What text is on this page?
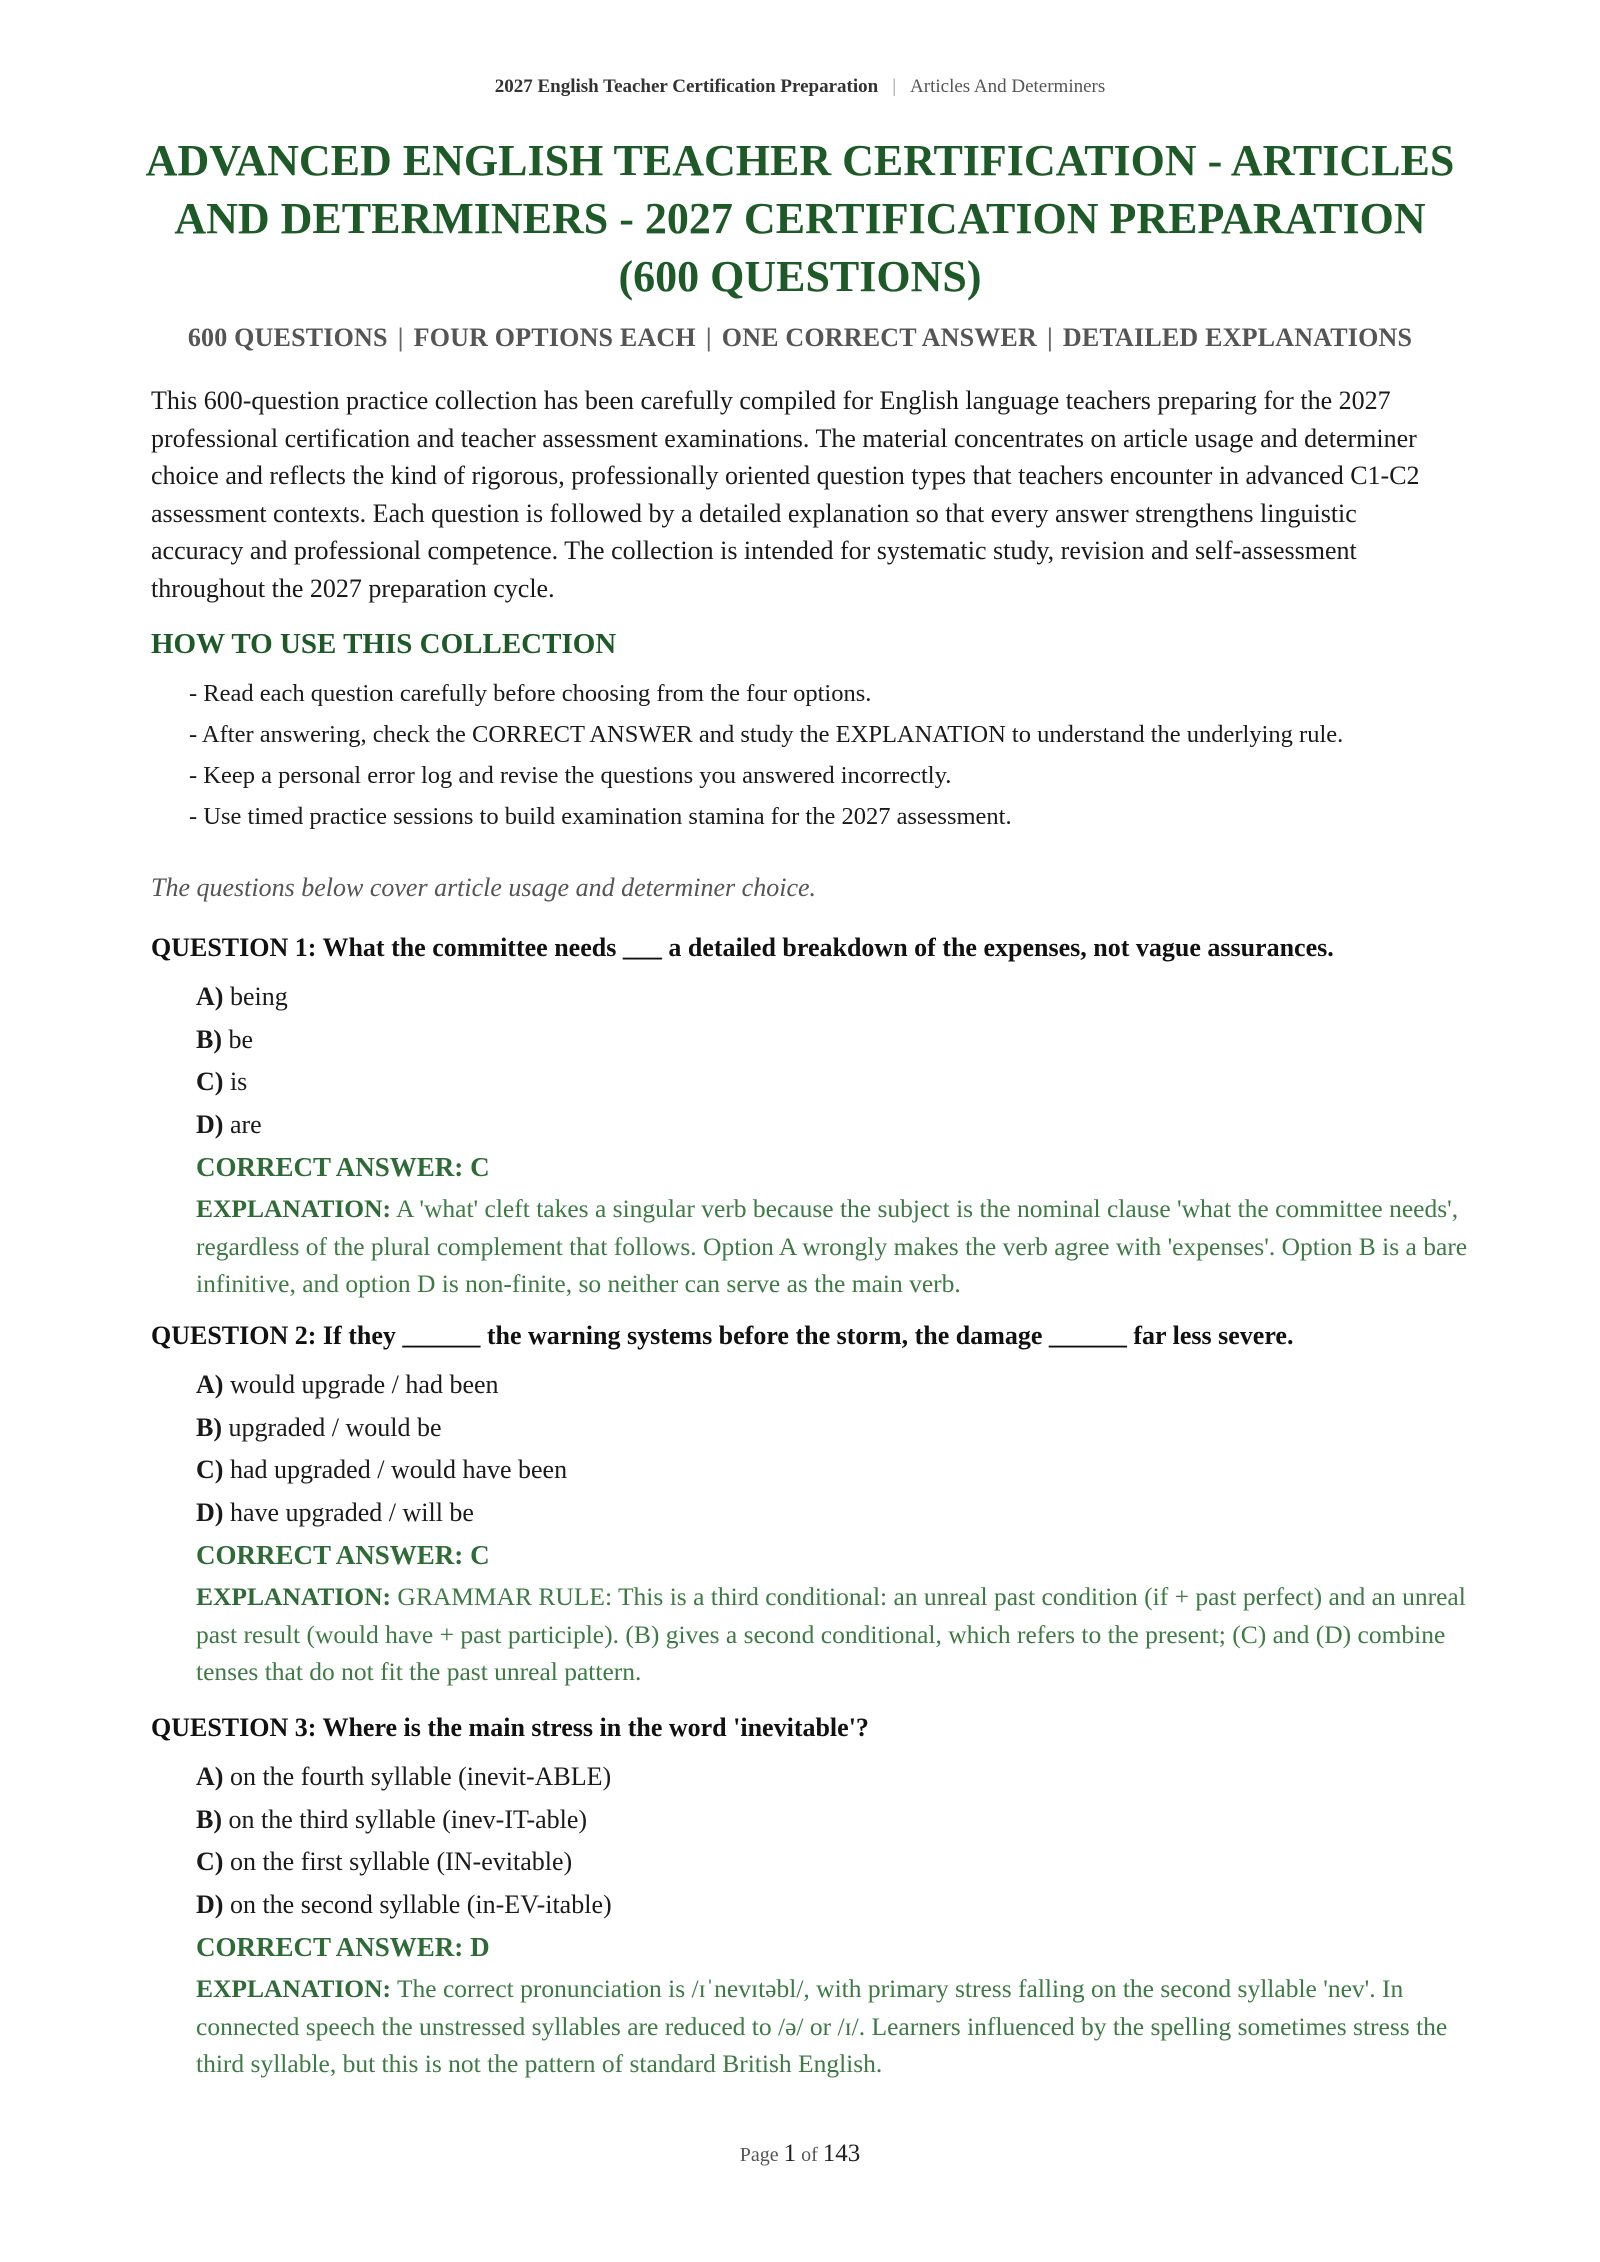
2027 English Teacher Certification Preparation | Articles And Determiners
ADVANCED ENGLISH TEACHER CERTIFICATION - ARTICLES AND DETERMINERS - 2027 CERTIFICATION PREPARATION (600 QUESTIONS)
600 QUESTIONS | FOUR OPTIONS EACH | ONE CORRECT ANSWER | DETAILED EXPLANATIONS

This 600-question practice collection has been carefully compiled for English language teachers preparing for the 2027 professional certification and teacher assessment examinations. The material concentrates on article usage and determiner choice and reflects the kind of rigorous, professionally oriented question types that teachers encounter in advanced C1-C2 assessment contexts. Each question is followed by a detailed explanation so that every answer strengthens linguistic accuracy and professional competence. The collection is intended for systematic study, revision and self-assessment throughout the 2027 preparation cycle.

HOW TO USE THIS COLLECTION
- Read each question carefully before choosing from the four options.
- After answering, check the CORRECT ANSWER and study the EXPLANATION to understand the underlying rule.
- Keep a personal error log and revise the questions you answered incorrectly.
- Use timed practice sessions to build examination stamina for the 2027 assessment.

The questions below cover article usage and determiner choice.

QUESTION 1: What the committee needs ___ a detailed breakdown of the expenses, not vague assurances.

A) being
B) be
C) is
D) are

CORRECT ANSWER: C

EXPLANATION: A 'what' cleft takes a singular verb because the subject is the nominal clause 'what the committee needs', regardless of the plural complement that follows. Option A wrongly makes the verb agree with 'expenses'. Option B is a bare infinitive, and option D is non-finite, so neither can serve as the main verb.

QUESTION 2: If they ______ the warning systems before the storm, the damage ______ far less severe.

A) would upgrade / had been
B) upgraded / would be
C) had upgraded / would have been
D) have upgraded / will be

CORRECT ANSWER: C

EXPLANATION: GRAMMAR RULE: This is a third conditional: an unreal past condition (if + past perfect) and an unreal past result (would have + past participle). (B) gives a second conditional, which refers to the present; (C) and (D) combine tenses that do not fit the past unreal pattern.

QUESTION 3: Where is the main stress in the word 'inevitable'?

A) on the fourth syllable (inevit-ABLE)
B) on the third syllable (inev-IT-able)
C) on the first syllable (IN-evitable)
D) on the second syllable (in-EV-itable)

CORRECT ANSWER: D

EXPLANATION: The correct pronunciation is /ɪˈnevɪtəbl/, with primary stress falling on the second syllable 'nev'. In connected speech the unstressed syllables are reduced to /ə/ or /ɪ/. Learners influenced by the spelling sometimes stress the third syllable, but this is not the pattern of standard British English.

Page 1 of 143
